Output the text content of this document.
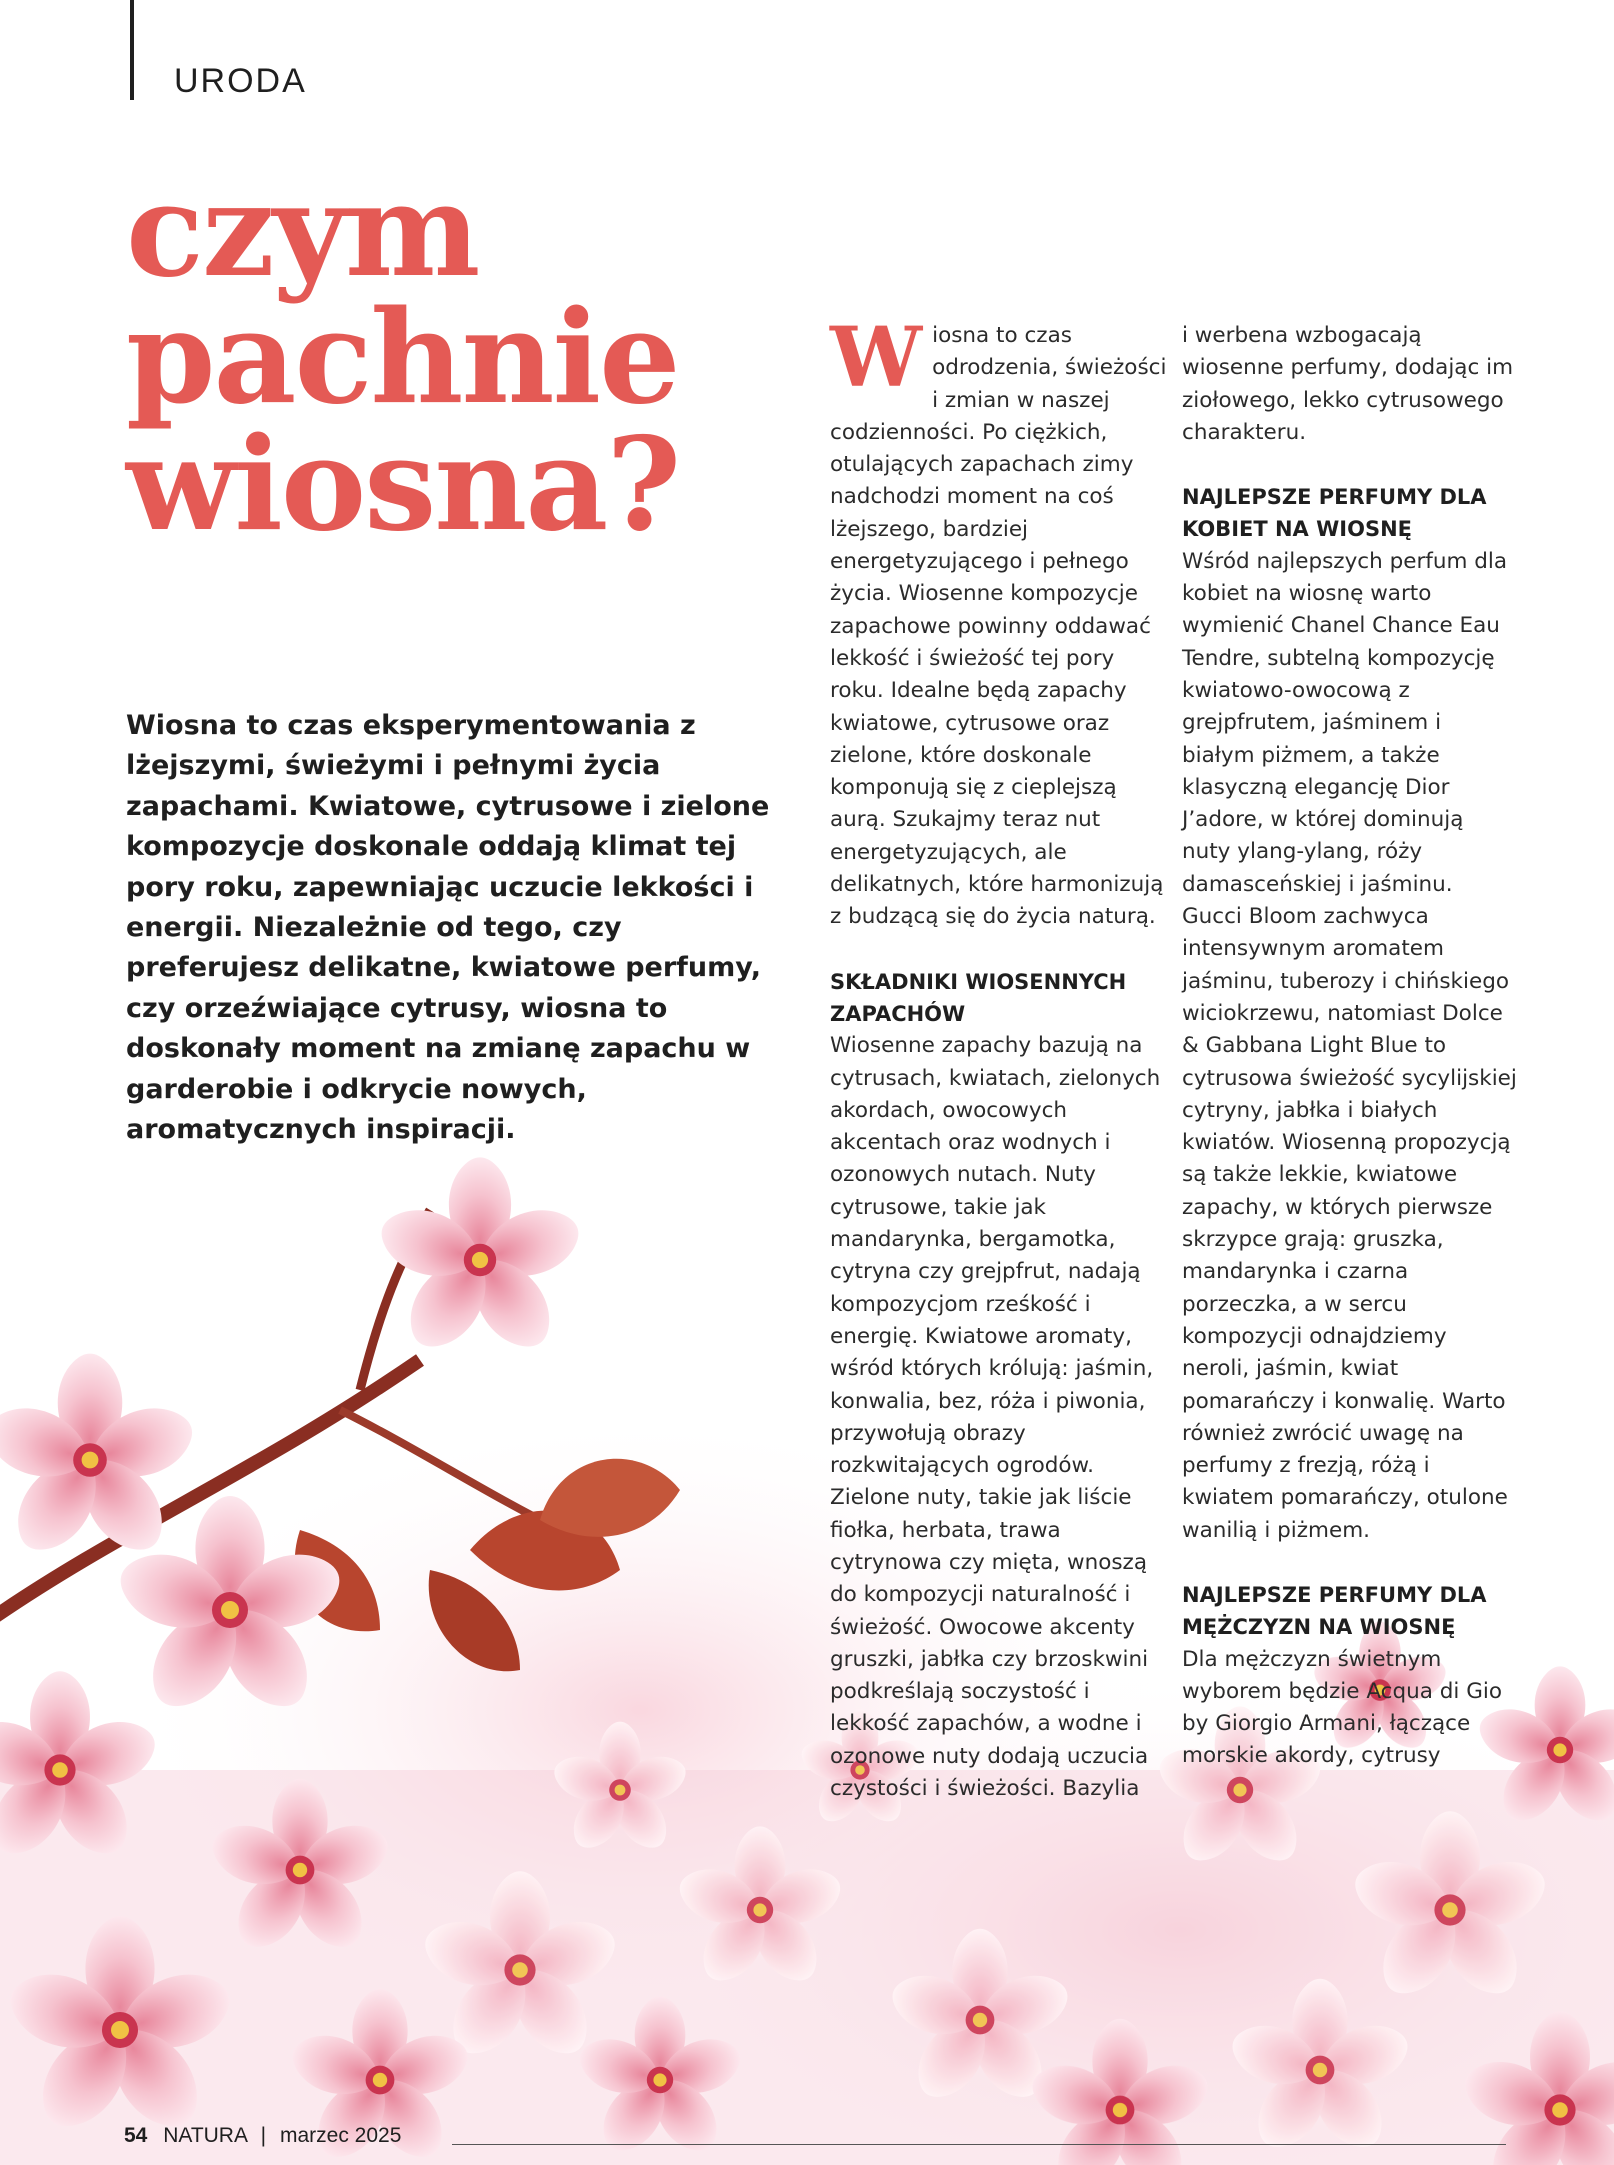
URODA
czym
pachnie
wiosna?

Wiosna to czas eksperymentowania z lżejszymi, świeżymi i pełnymi życia zapachami. Kwiatowe, cytrusowe i zielone kompozycje doskonale oddają klimat tej pory roku, zapewniając uczucie lekkości i energii. Niezależnie od tego, czy preferujesz delikatne, kwiatowe perfumy, czy orzeźwiające cytrusy, wiosna to doskonały moment na zmianę zapachu w garderobie i odkrycie nowych, aromatycznych inspiracji.

W iosna to czas odrodzenia, świeżości i zmian w naszej codzienności. Po ciężkich, otulających zapachach zimy nadchodzi moment na coś lżejszego, bardziej energetyzującego i pełnego życia. Wiosenne kompozycje zapachowe powinny oddawać lekkość i świeżość tej pory roku. Idealne będą zapachy kwiatowe, cytrusowe oraz zielone, które doskonale komponują się z cieplejszą aurą. Szukajmy teraz nut energetyzujących, ale delikatnych, które harmonizują z budzącą się do życia naturą.

SKŁADNIKI WIOSENNYCH ZAPACHÓW

Wiosenne zapachy bazują na cytrusach, kwiatach, zielonych akordach, owocowych akcentach oraz wodnych i ozonowych nutach. Nuty cytrusowe, takie jak mandarynka, bergamotka, cytryna czy grejpfrut, nadają kompozycjom rześkość i energię. Kwiatowe aromaty, wśród których królują: jaśmin, konwalia, bez, róża i piwonia, przywołują obrazy rozkwitających ogrodów. Zielone nuty, takie jak liście fiołka, herbata, trawa cytrynowa czy mięta, wnoszą do kompozycji naturalność i świeżość. Owocowe akcenty gruszki, jabłka czy brzoskwini podkreślają soczystość i lekkość zapachów, a wodne i ozonowe nuty dodają uczucia czystości i świeżości. Bazylia

i werbena wzbogacają wiosenne perfumy, dodając im ziołowego, lekko cytrusowego charakteru.

NAJLEPSZE PERFUMY DLA KOBIET NA WIOSNĘ

Wśród najlepszych perfum dla kobiet na wiosnę warto wymienić Chanel Chance Eau Tendre, subtelną kompozycję kwiatowo-owocową z grejpfrutem, jaśminem i białym piżmem, a także klasyczną elegancję Dior J’adore, w której dominują nuty ylang-ylang, róży damasceńskiej i jaśminu. Gucci Bloom zachwyca intensywnym aromatem jaśminu, tuberozy i chińskiego wiciokrzewu, natomiast Dolce & Gabbana Light Blue to cytrusowa świeżość sycylijskiej cytryny, jabłka i białych kwiatów. Wiosenną propozycją są także lekkie, kwiatowe zapachy, w których pierwsze skrzypce grają: gruszka, mandarynka i czarna porzeczka, a w sercu kompozycji odnajdziemy neroli, jaśmin, kwiat pomarańczy i konwalię. Warto również zwrócić uwagę na perfumy z frezją, różą i kwiatem pomarańczy, otulone wanilią i piżmem.

NAJLEPSZE PERFUMY DLA MĘŻCZYZN NA WIOSNĘ

Dla mężczyzn świetnym wyborem będzie Acqua di Gio by Giorgio Armani, łączące morskie akordy, cytrusy

54 NATURA | marzec 2025
